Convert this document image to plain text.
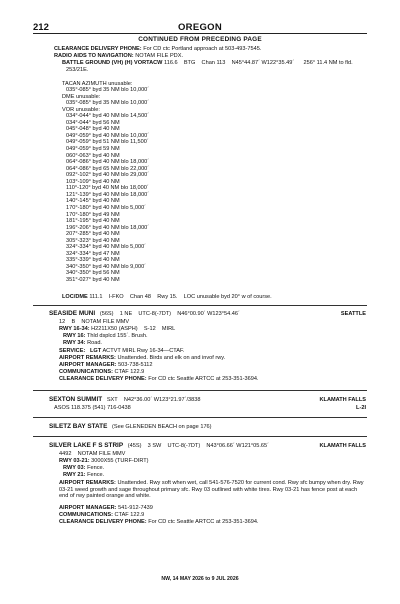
212	OREGON
CONTINUED FROM PRECEDING PAGE
CLEARANCE DELIVERY PHONE: For CD ctc Portland approach at 503-493-7545.
RADIO AIDS TO NAVIGATION: NOTAM FILE PDX.
BATTLE GROUND (VH) (H) VORTACW 116.6    BTG    Chan 113    N45°44.87´ W122°35.49´      256° 11.4 NM to fld.
253/21E.
TACAN AZIMUTH unusable:
035°-085° byd 35 NM blo 10,000´
DME unusable:
035°-085° byd 35 NM blo 10,000´
VOR unusable:
034°-044° byd 40 NM blo 14,500´
034°-044° byd 56 NM
045°-048° byd 40 NM
049°-059° byd 40 NM blo 10,000´
049°-059° byd 51 NM blo 11,500´
049°-059° byd 59 NM
060°-063° byd 40 NM
064°-086° byd 40 NM blo 18,000´
064°-086° byd 65 NM blo 22,000´
092°-102° byd 40 NM blo 29,000´
103°-109° byd 40 NM
110°-120° byd 40 NM blo 18,000´
121°-139° byd 40 NM blo 18,000´
140°-145° byd 40 NM
170°-180° byd 40 NM blo 5,000´
170°-180° byd 49 NM
181°-195° byd 40 NM
196°-206° byd 40 NM blo 18,000´
207°-285° byd 40 NM
305°-323° byd 40 NM
324°-334° byd 40 NM blo 5,000´
324°-334° byd 47 NM
335°-339° byd 40 NM
340°-350° byd 40 NM blo 9,000´
340°-350° byd 56 NM
351°-027° byd 40 NM
LOC/DME 111.1    I-FKO    Chan 48    Rwy 15.    LOC unusable byd 20° w of course.
SEASIDE MUNI (56S)    1 NE    UTC-8(-7DT)    N46°00.90´ W123°54.46´	SEATTLE
12    B    NOTAM FILE MMV
RWY 16-34: H2211X50 (ASPH)    S-12    MIRL
RWY 16: Thld dsplcd 155´. Brush.
RWY 34: Road.
SERVICE: LGT ACTVT MIRL Rwy 16-34—CTAF.
AIRPORT REMARKS: Unattended. Birds and elk on and invof rwy.
AIRPORT MANAGER: 503-738-5112
COMMUNICATIONS: CTAF 122.9
CLEARANCE DELIVERY PHONE: For CD ctc Seattle ARTCC at 253-351-3694.
SEXTON SUMMIT SXT    N42°36.00´ W123°21.97´/3838	KLAMATH FALLS
ASOS 118.375 (541) 716-0438	L-2I
SILETZ BAY STATE (See GLENEDEN BEACH on page 176)
SILVER LAKE F S STRIP (45S)    3 SW    UTC-8(-7DT)    N43°06.66´ W121°05.65´	KLAMATH FALLS
4492    NOTAM FILE MMV
RWY 03-21: 3000X55 (TURF-DIRT)
RWY 03: Fence.
RWY 21: Fence.
AIRPORT REMARKS: Unattended. Rwy soft when wet, call 541-576-7520 for current cond. Rwy sfc bumpy when dry. Rwy 03-21 weed growth and sage throughout primary sfc. Rwy 03 outlined with white tires. Rwy 03-21 has fence post at each end of rwy painted orange and white.
AIRPORT MANAGER: 541-912-7439
COMMUNICATIONS: CTAF 122.9
CLEARANCE DELIVERY PHONE: For CD ctc Seattle ARTCC at 253-351-3694.
NW, 14 MAY 2026 to 9 JUL 2026
